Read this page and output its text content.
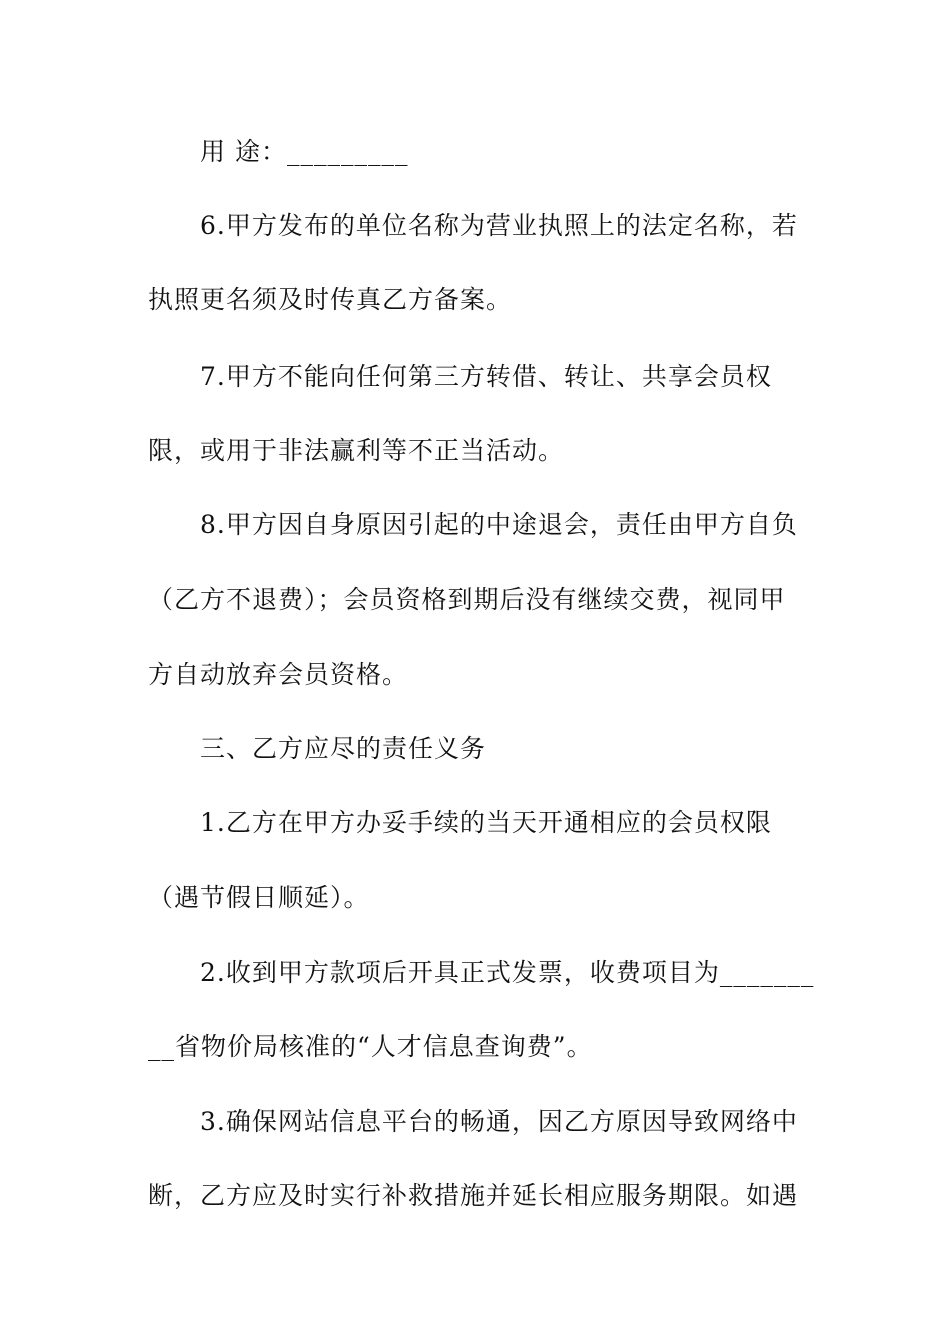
用 途：_________
6.甲方发布的单位名称为营业执照上的法定名称，若
执照更名须及时传真乙方备案。
7.甲方不能向任何第三方转借、转让、共享会员权
限，或用于非法赢利等不正当活动。
8.甲方因自身原因引起的中途退会，责任由甲方自负
（乙方不退费）；会员资格到期后没有继续交费，视同甲
方自动放弃会员资格。
三、乙方应尽的责任义务
1.乙方在甲方办妥手续的当天开通相应的会员权限
（遇节假日顺延）。
2.收到甲方款项后开具正式发票，收费项目为_______
__省物价局核准的“人才信息查询费”。
3.确保网站信息平台的畅通，因乙方原因导致网络中
断，乙方应及时实行补救措施并延长相应服务期限。如遇
